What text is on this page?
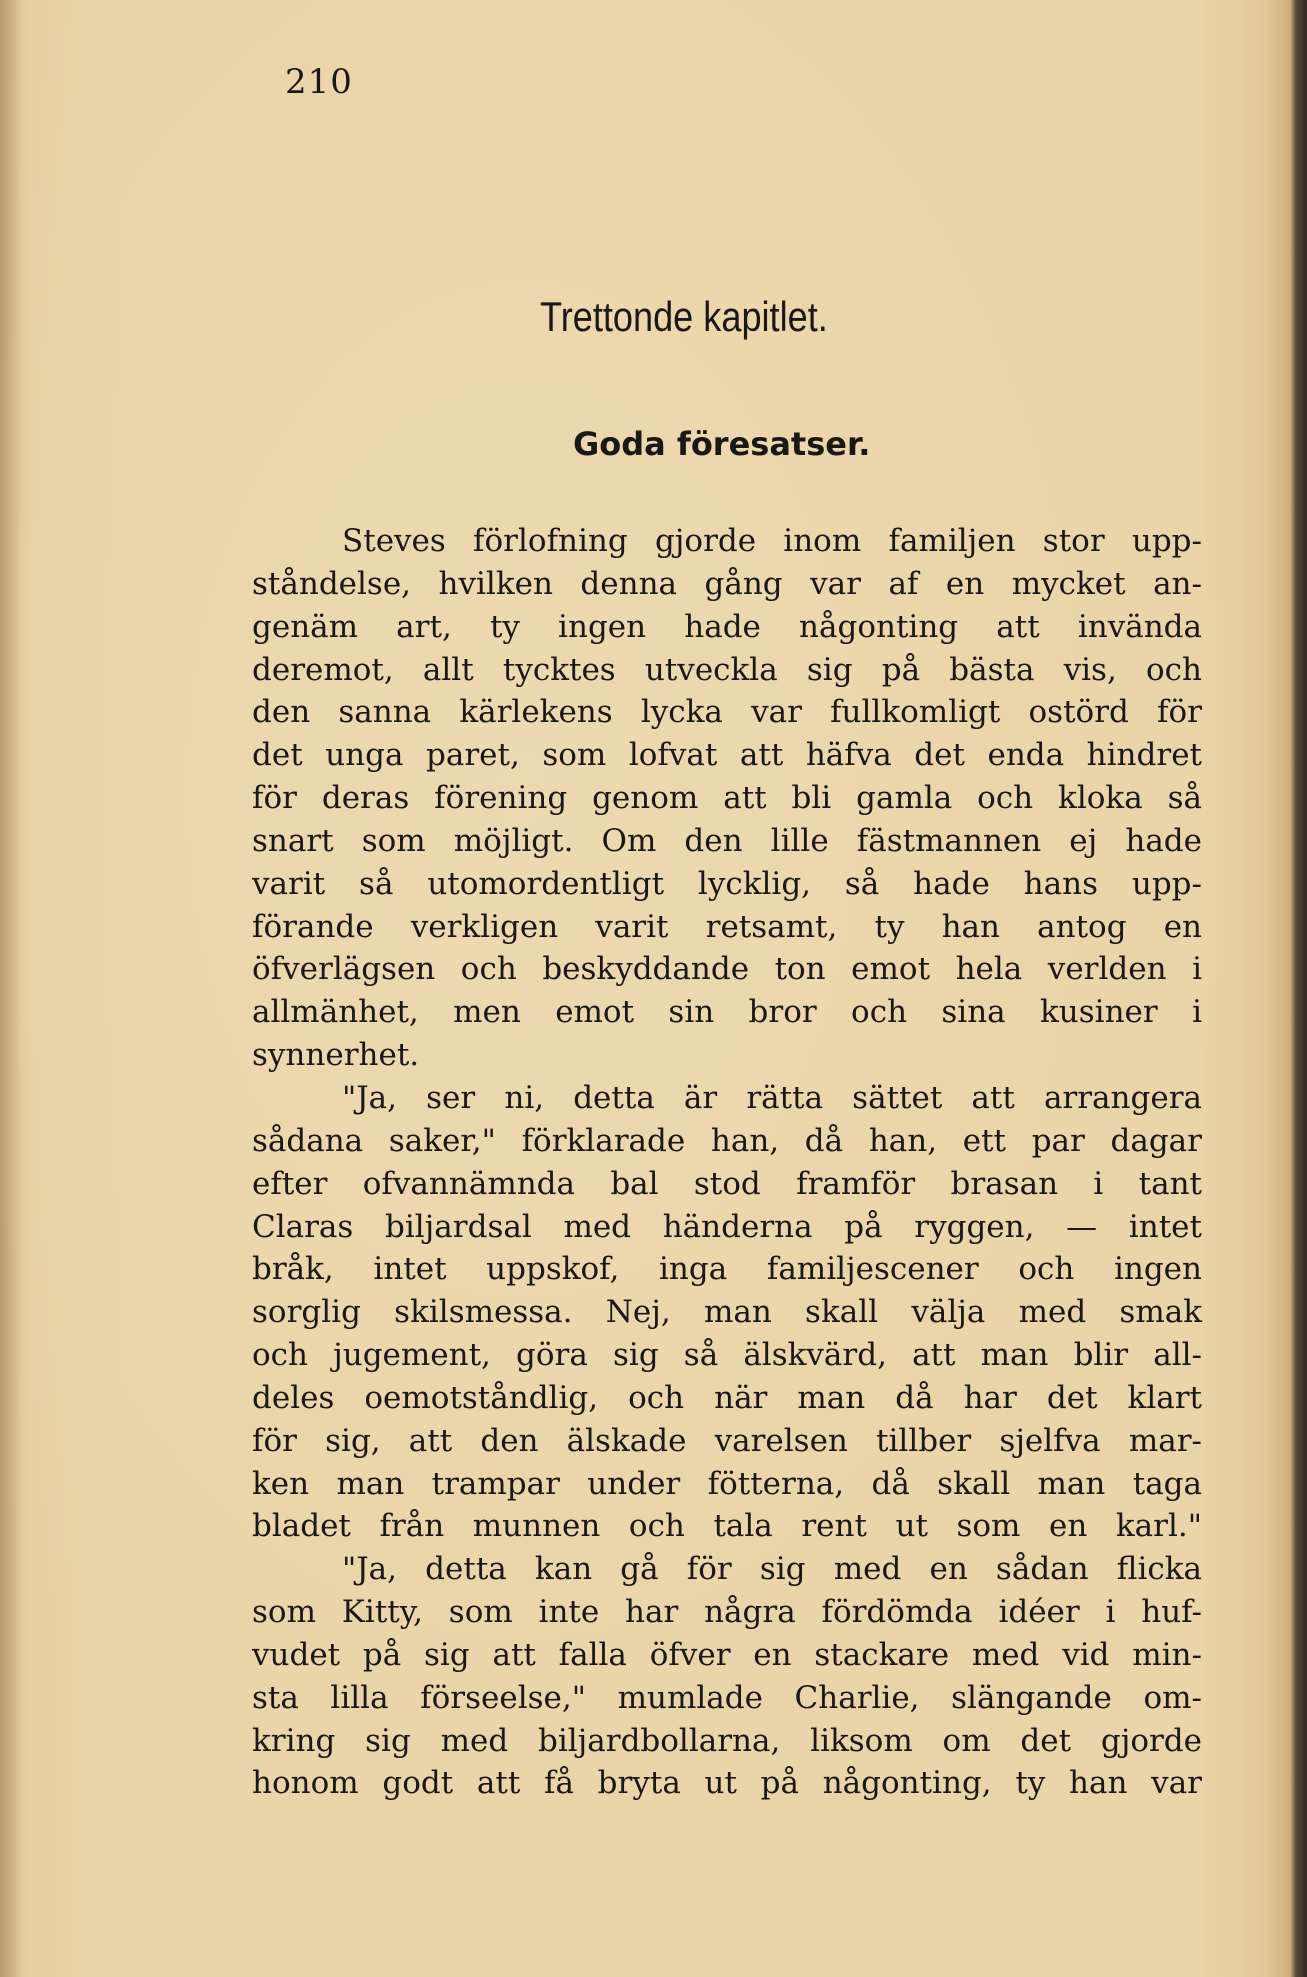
210
Trettonde kapitlet.
Goda föresatser.
Steves förlofning gjorde inom familjen stor upp-
ståndelse, hvilken denna gång var af en mycket an-
genäm art, ty ingen hade någonting att invända
deremot, allt tycktes utveckla sig på bästa vis, och
den sanna kärlekens lycka var fullkomligt ostörd för
det unga paret, som lofvat att häfva det enda hindret
för deras förening genom att bli gamla och kloka så
snart som möjligt. Om den lille fästmannen ej hade
varit så utomordentligt lycklig, så hade hans upp-
förande verkligen varit retsamt, ty han antog en
öfverlägsen och beskyddande ton emot hela verlden i
allmänhet, men emot sin bror och sina kusiner i
synnerhet.
"Ja, ser ni, detta är rätta sättet att arrangera
sådana saker," förklarade han, då han, ett par dagar
efter ofvannämnda bal stod framför brasan i tant
Claras biljardsal med händerna på ryggen, — intet
bråk, intet uppskof, inga familjescener och ingen
sorglig skilsmessa. Nej, man skall välja med smak
och jugement, göra sig så älskvärd, att man blir all-
deles oemotståndlig, och när man då har det klart
för sig, att den älskade varelsen tillber sjelfva mar-
ken man trampar under fötterna, då skall man taga
bladet från munnen och tala rent ut som en karl."
"Ja, detta kan gå för sig med en sådan flicka
som Kitty, som inte har några fördömda idéer i huf-
vudet på sig att falla öfver en stackare med vid min-
sta lilla förseelse," mumlade Charlie, slängande om-
kring sig med biljardbollarna, liksom om det gjorde
honom godt att få bryta ut på någonting, ty han var
